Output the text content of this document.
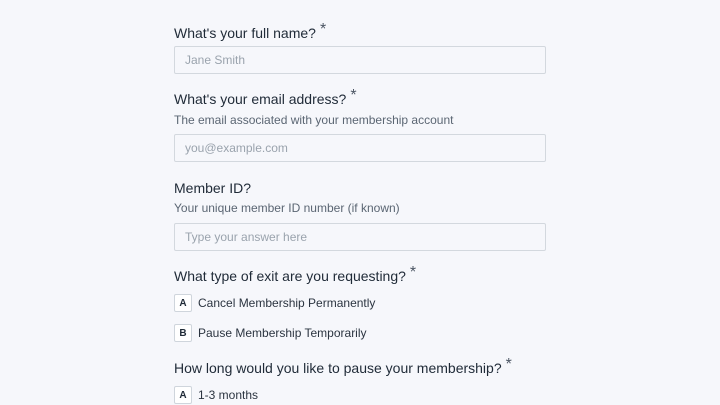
What's your full name? *
Jane Smith
What's your email address? *
The email associated with your membership account
you@example.com
Member ID?
Your unique member ID number (if known)
Type your answer here
What type of exit are you requesting? *
A Cancel Membership Permanently
B Pause Membership Temporarily
How long would you like to pause your membership? *
A 1-3 months
